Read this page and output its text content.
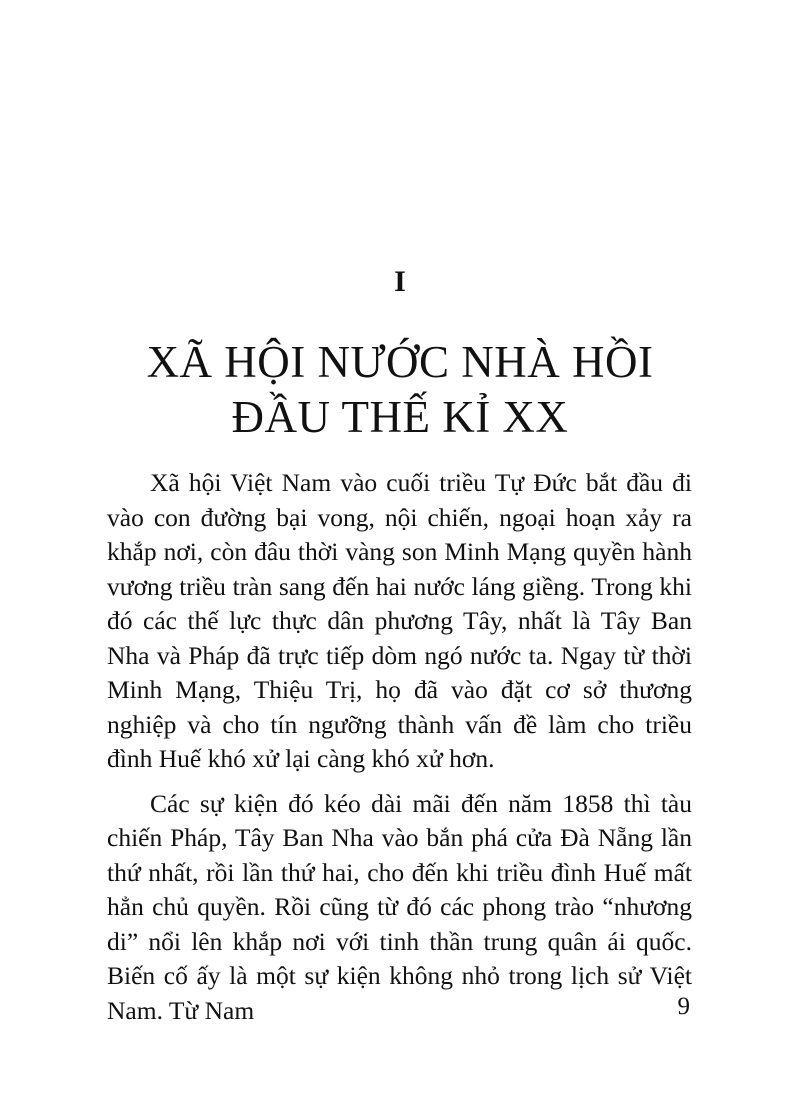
I
XÃ HỘI NƯỚC NHÀ HỒI
ĐẦU THẾ KỈ XX

Xã hội Việt Nam vào cuối triều Tự Đức bắt đầu đi vào con đường bại vong, nội chiến, ngoại hoạn xảy ra khắp nơi, còn đâu thời vàng son Minh Mạng quyền hành vương triều tràn sang đến hai nước láng giềng. Trong khi đó các thế lực thực dân phương Tây, nhất là Tây Ban Nha và Pháp đã trực tiếp dòm ngó nước ta. Ngay từ thời Minh Mạng, Thiệu Trị, họ đã vào đặt cơ sở thương nghiệp và cho tín ngưỡng thành vấn đề làm cho triều đình Huế khó xử lại càng khó xử hơn.

Các sự kiện đó kéo dài mãi đến năm 1858 thì tàu chiến Pháp, Tây Ban Nha vào bắn phá cửa Đà Nẵng lần thứ nhất, rồi lần thứ hai, cho đến khi triều đình Huế mất hẳn chủ quyền. Rồi cũng từ đó các phong trào “nhương di” nổi lên khắp nơi với tinh thần trung quân ái quốc. Biến cố ấy là một sự kiện không nhỏ trong lịch sử Việt Nam. Từ Nam	9
